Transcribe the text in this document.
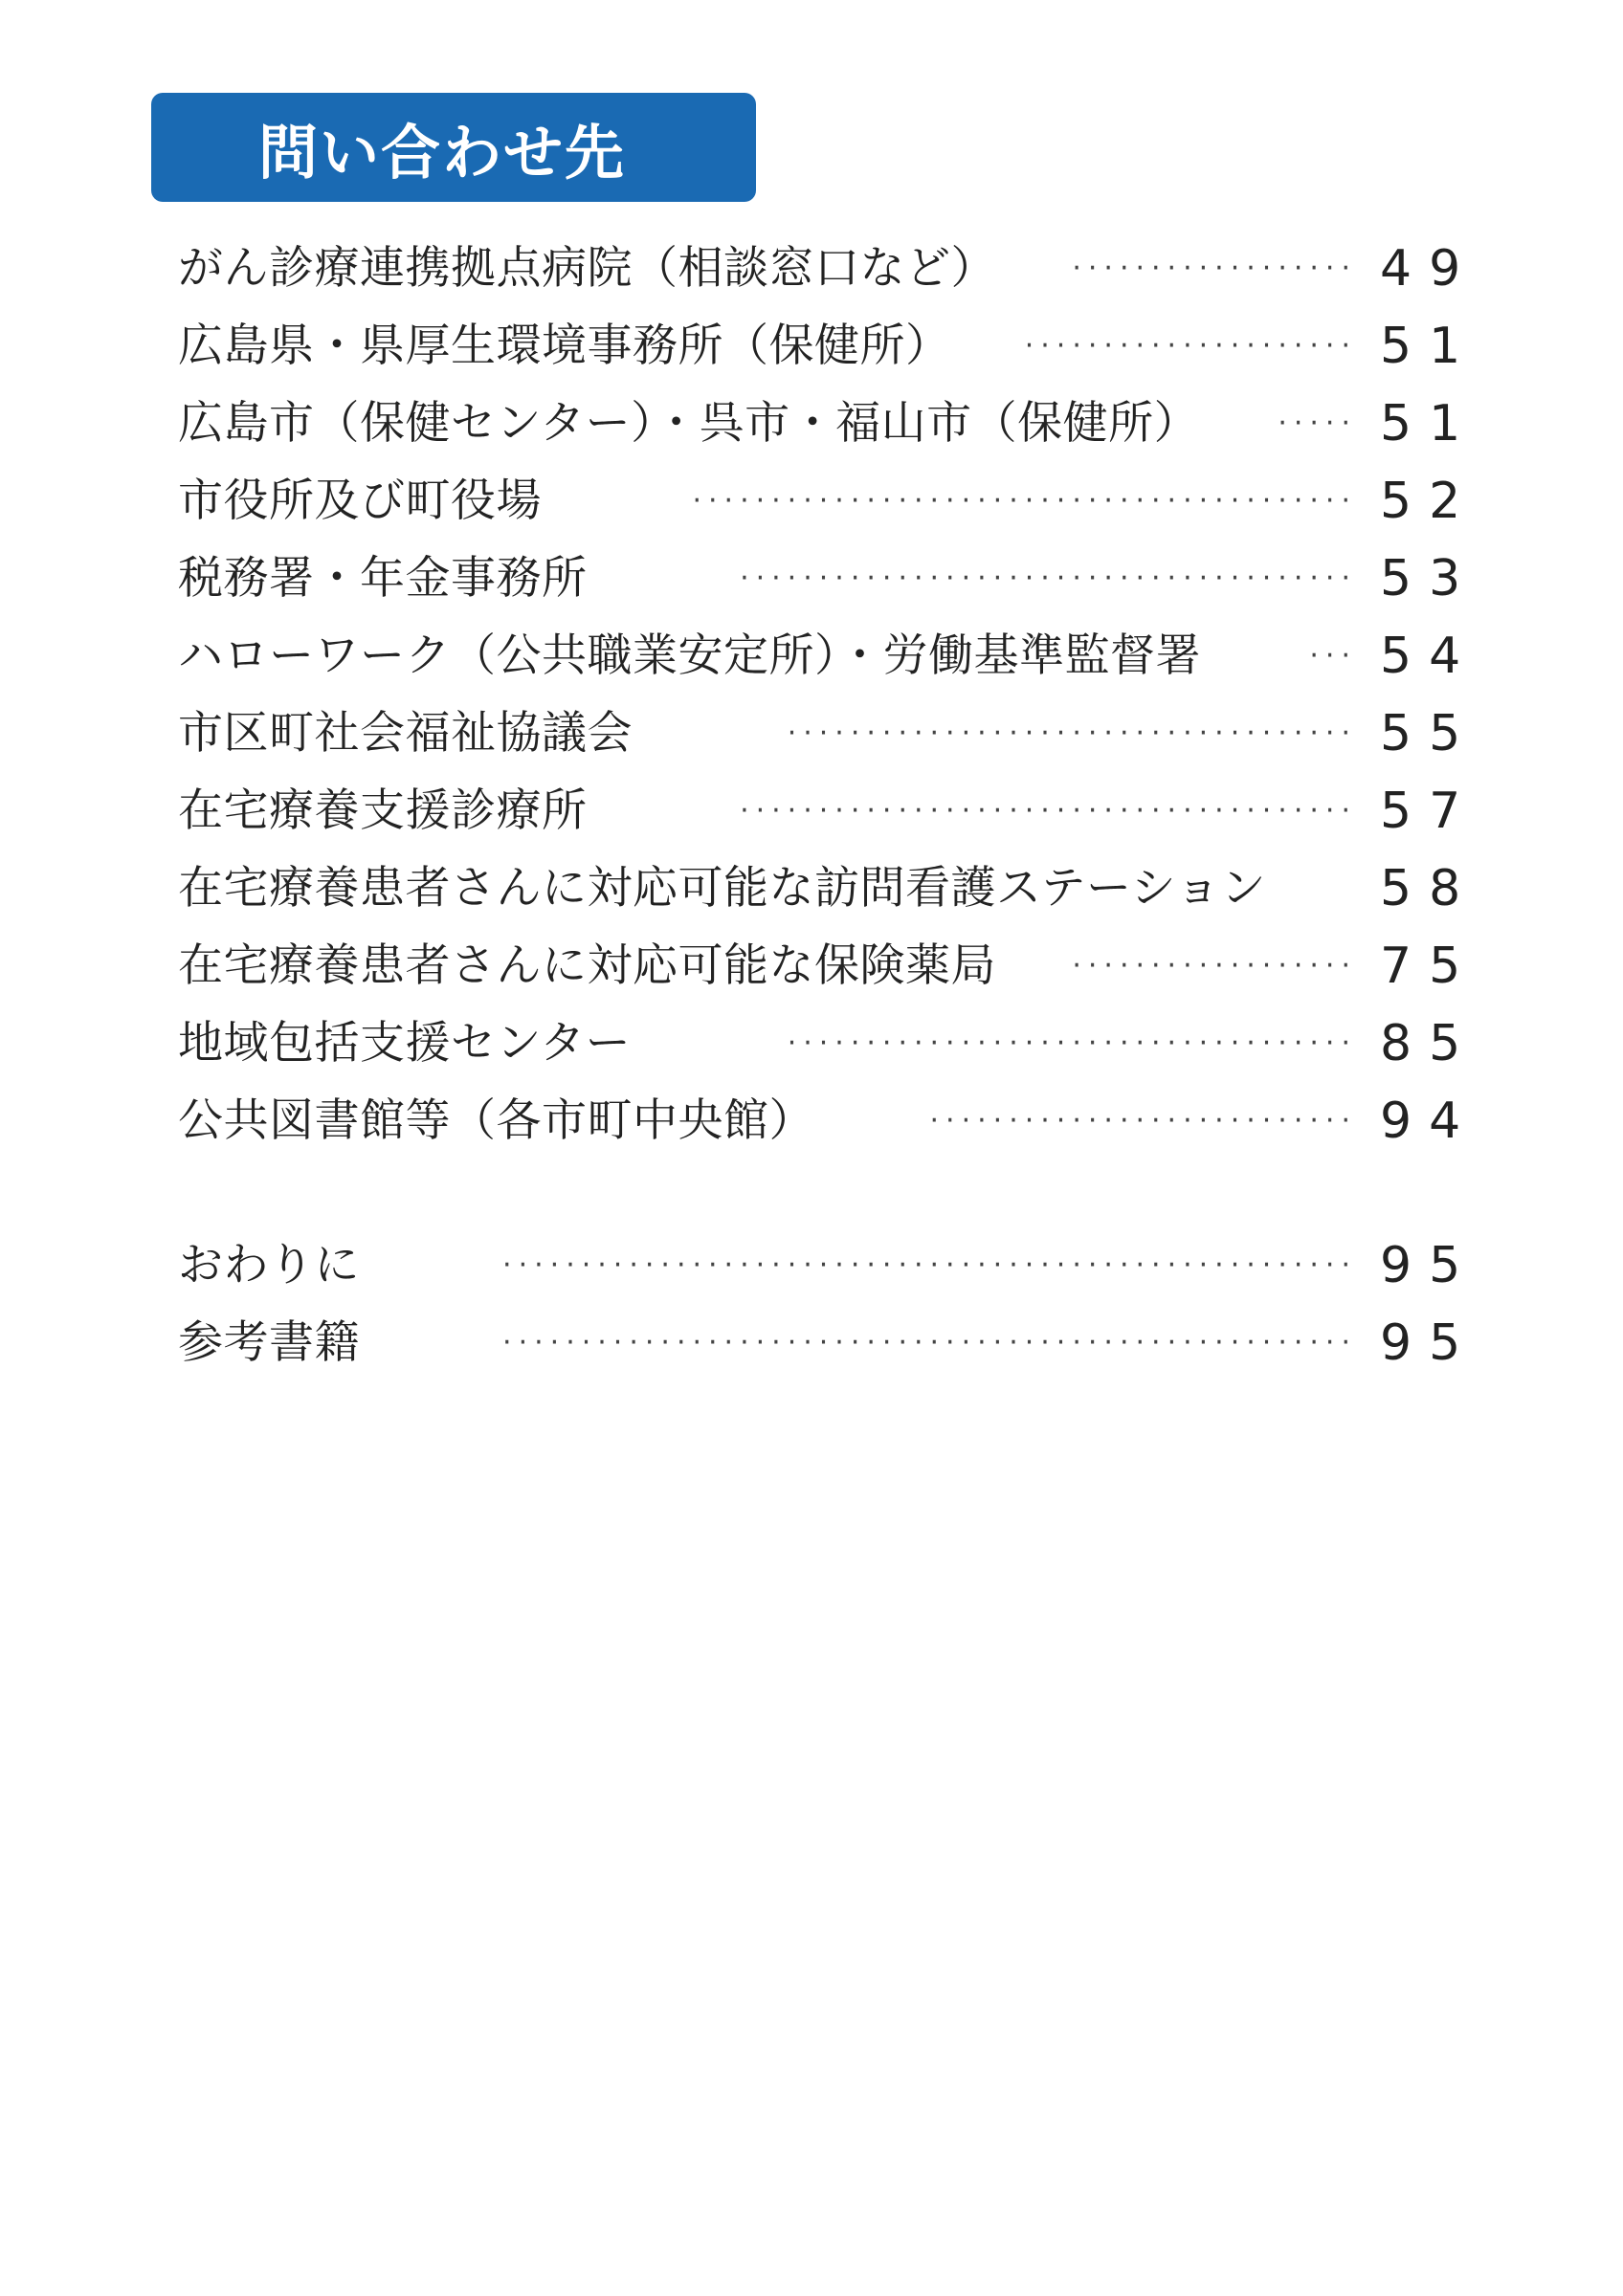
問い合わせ先
がん診療連携拠点病院（相談窓口など）	·················· 49
広島県・県厚生環境事務所（保健所）	····················· 51
広島市（保健センター）・呉市・福山市（保健所）	····· 51
市役所及び町役場	·········································· 52
税務署・年金事務所	······································· 53
ハローワーク（公共職業安定所）・労働基準監督署	··· 54
市区町社会福祉協議会	···································· 55
在宅療養支援診療所	······································· 57
在宅療養患者さんに対応可能な訪問看護ステーション 58
在宅療養患者さんに対応可能な保険薬局	·················· 75
地域包括支援センター	···································· 85
公共図書館等（各市町中央館）	··························· 94
おわりに	······················································ 95
参考書籍	······················································ 95
